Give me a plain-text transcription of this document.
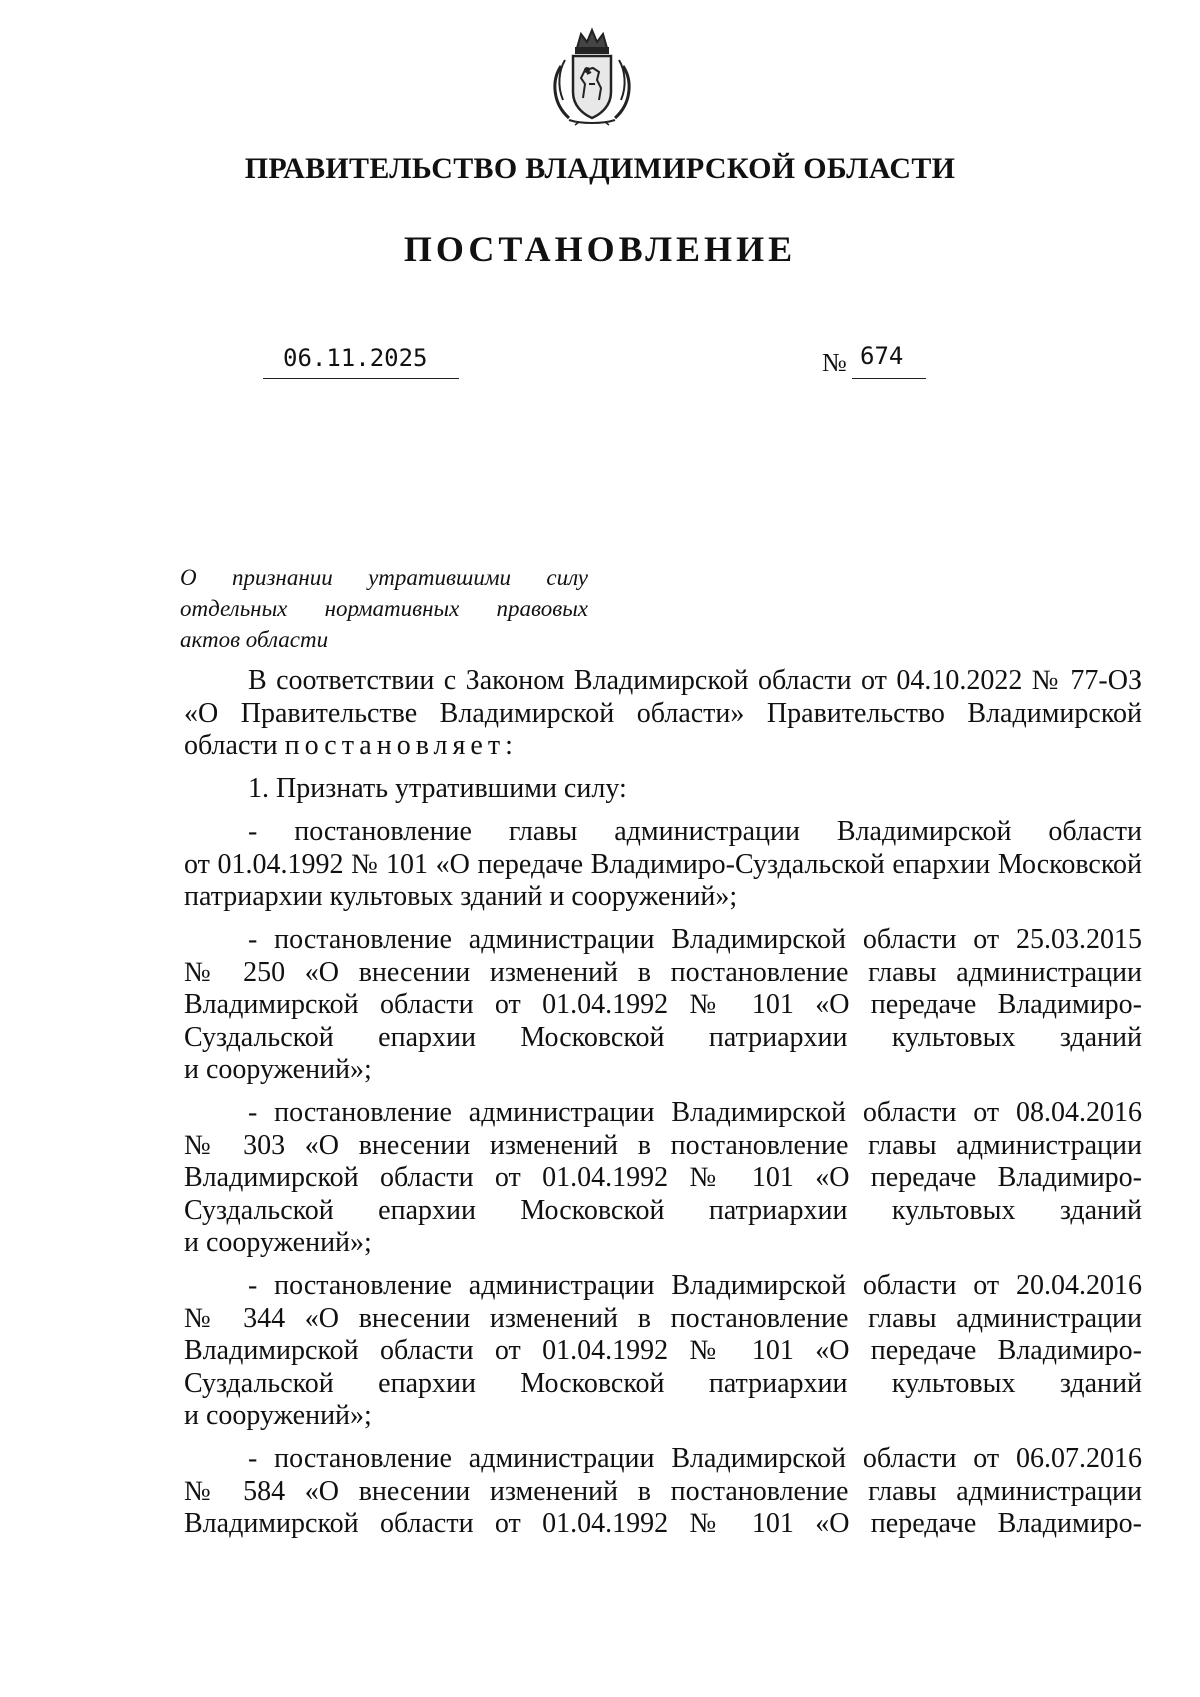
ПРАВИТЕЛЬСТВО ВЛАДИМИРСКОЙ ОБЛАСТИ
ПОСТАНОВЛЕНИЕ
06.11.2025	№ 674
О признании утратившими силу
отдельных нормативных правовых
актов области
В соответствии с Законом Владимирской области от 04.10.2022 № 77-ОЗ
«О Правительстве Владимирской области» Правительство Владимирской
области постановляет:
1. Признать утратившими силу:
- постановление главы администрации Владимирской области
от 01.04.1992 № 101 «О передаче Владимиро-Суздальской епархии Московской
патриархии культовых зданий и сооружений»;
- постановление администрации Владимирской области от 25.03.2015
№ 250 «О внесении изменений в постановление главы администрации
Владимирской области от 01.04.1992 № 101 «О передаче Владимиро-
Суздальской епархии Московской патриархии культовых зданий
и сооружений»;
- постановление администрации Владимирской области от 08.04.2016
№ 303 «О внесении изменений в постановление главы администрации
Владимирской области от 01.04.1992 № 101 «О передаче Владимиро-
Суздальской епархии Московской патриархии культовых зданий
и сооружений»;
- постановление администрации Владимирской области от 20.04.2016
№ 344 «О внесении изменений в постановление главы администрации
Владимирской области от 01.04.1992 № 101 «О передаче Владимиро-
Суздальской епархии Московской патриархии культовых зданий
и сооружений»;
- постановление администрации Владимирской области от 06.07.2016
№ 584 «О внесении изменений в постановление главы администрации
Владимирской области от 01.04.1992 № 101 «О передаче Владимиро-
